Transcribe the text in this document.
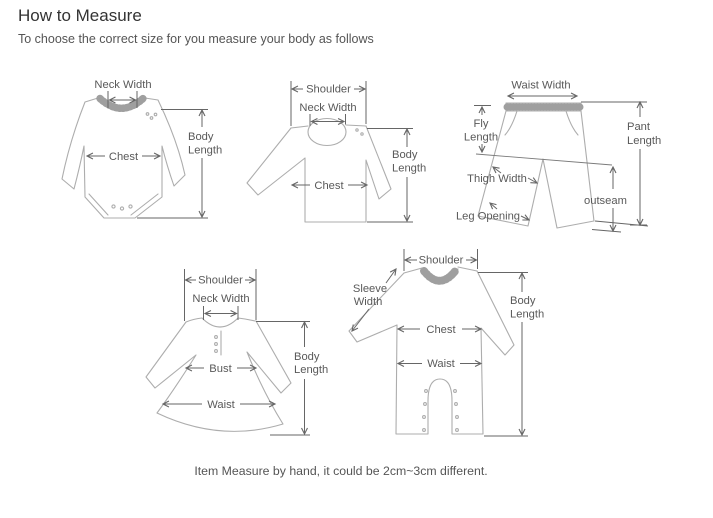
How to Measure
To choose the correct size for you measure your body as follows
Neck Width
Chest
Body
Length
Shoulder
Neck Width
Chest
Body
Length
Waist Width
Fly
Length
Thigh Width
Leg Opening
outseam
Pant
Length
Shoulder
Neck Width
Bust
Waist
Body
Length
Shoulder
Sleeve
Width
Chest
Waist
Body
Length
Item Measure by hand, it could be 2cm~3cm different.
